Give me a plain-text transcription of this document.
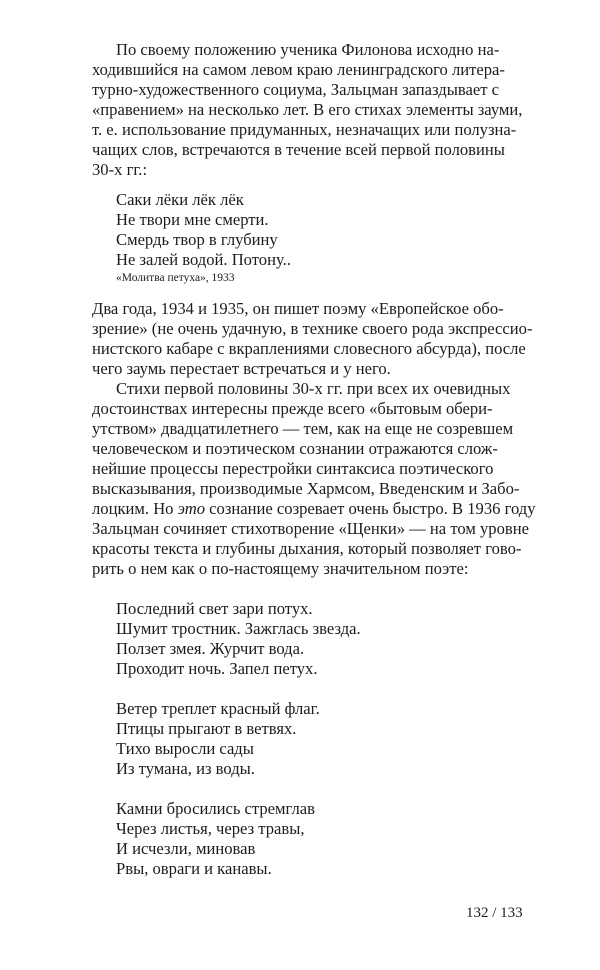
По своему положению ученика Филонова исходно на-
ходившийся на самом левом краю ленинградского литера-
турно-художественного социума, Зальцман запаздывает с
«правением» на несколько лет. В его стихах элементы зауми,
т. е. использование придуманных, незначащих или полузна-
чащих слов, встречаются в течение всей первой половины
30-х гг.:
Саки лёки лёк лёк
Не твори мне смерти.
Смердь твор в глубину
Не залей водой. Потону..
«Молитва петуха», 1933
Два года, 1934 и 1935, он пишет поэму «Европейское обо-
зрение» (не очень удачную, в технике своего рода экспрессио-
нистского кабаре с вкраплениями словесного абсурда), после
чего заумь перестает встречаться и у него.
Стихи первой половины 30-х гг. при всех их очевидных
достоинствах интересны прежде всего «бытовым обери-
утством» двадцатилетнего — тем, как на еще не созревшем
человеческом и поэтическом сознании отражаются слож-
нейшие процессы перестройки синтаксиса поэтического
высказывания, производимые Хармсом, Введенским и Забо-
лоцким. Но это сознание созревает очень быстро. В 1936 году
Зальцман сочиняет стихотворение «Щенки» — на том уровне
красоты текста и глубины дыхания, который позволяет гово-
рить о нем как о по-настоящему значительном поэте:
Последний свет зари потух.
Шумит тростник. Зажглась звезда.
Ползет змея. Журчит вода.
Проходит ночь. Запел петух.
Ветер треплет красный флаг.
Птицы прыгают в ветвях.
Тихо выросли сады
Из тумана, из воды.
Камни бросились стремглав
Через листья, через травы,
И исчезли, миновав
Рвы, овраги и канавы.
132 / 133
